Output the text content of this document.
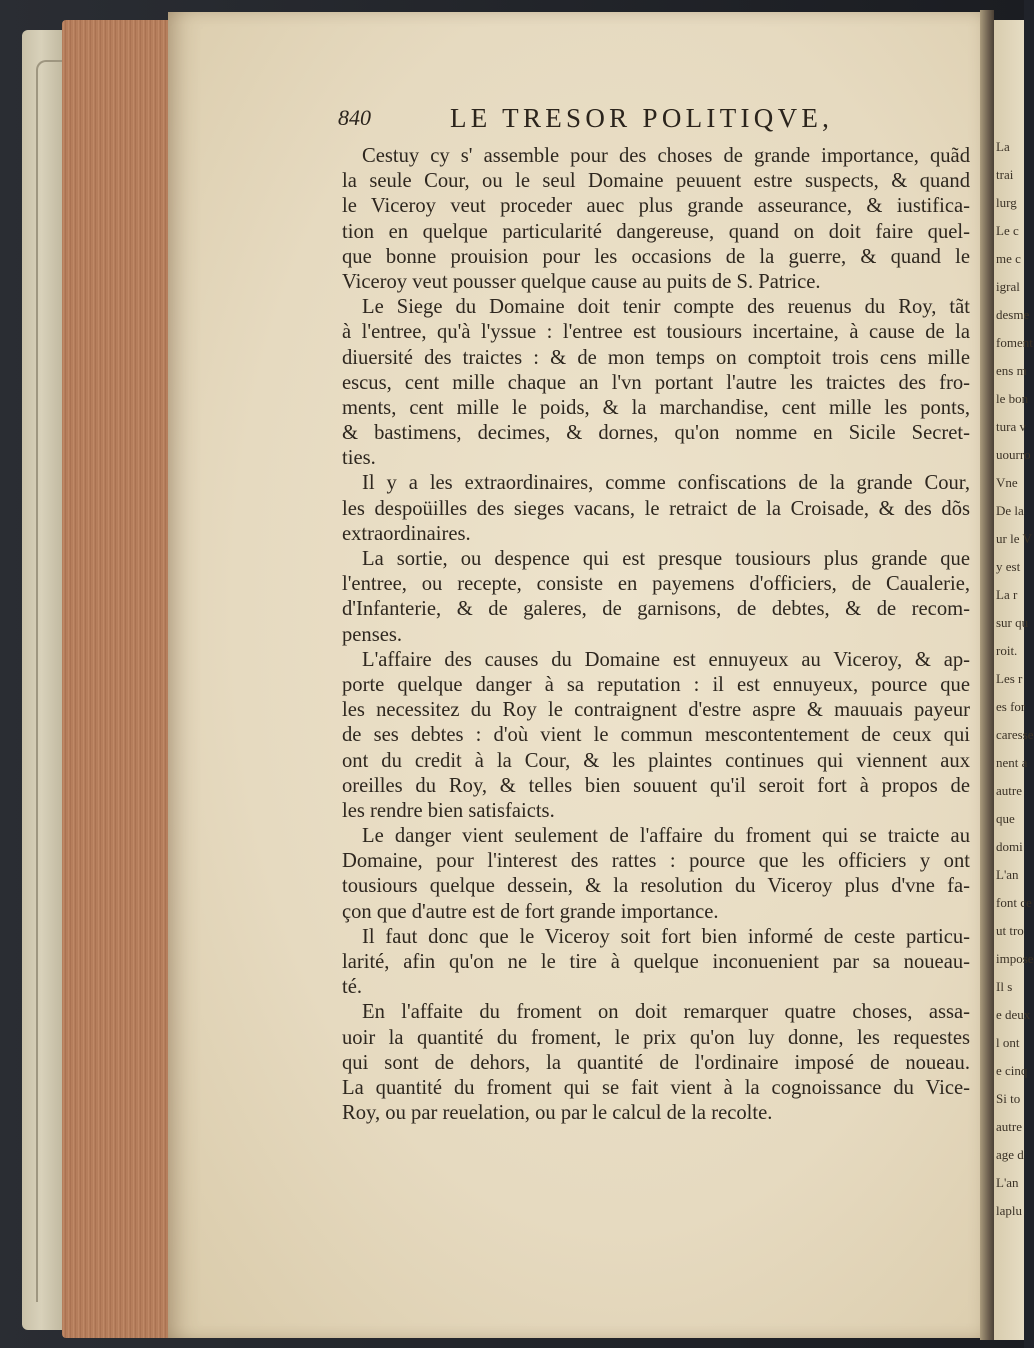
840	LE TRESOR POLITIQVE,
Cestuy cy s' assemble pour des choses de grande importance, quãd
la seule Cour, ou le seul Domaine peuuent estre suspects, & quand
le Viceroy veut proceder auec plus grande asseurance, & iustifica-
tion en quelque particularité dangereuse, quand on doit faire quel-
que bonne prouision pour les occasions de la guerre, & quand le
Viceroy veut pousser quelque cause au puits de S. Patrice.
Le Siege du Domaine doit tenir compte des reuenus du Roy, tãt
à l'entree, qu'à l'yssue : l'entree est tousiours incertaine, à cause de la
diuersité des traictes : & de mon temps on comptoit trois cens mille
escus, cent mille chaque an l'vn portant l'autre les traictes des fro-
ments, cent mille le poids, & la marchandise, cent mille les ponts,
& bastimens, decimes, & dornes, qu'on nomme en Sicile Secret-
ties.
Il y a les extraordinaires, comme confiscations de la grande Cour,
les despoüilles des sieges vacans, le retraict de la Croisade, & des dõs
extraordinaires.
La sortie, ou despence qui est presque tousiours plus grande que
l'entree, ou recepte, consiste en payemens d'officiers, de Caualerie,
d'Infanterie, & de galeres, de garnisons, de debtes, & de recom-
penses.
L'affaire des causes du Domaine est ennuyeux au Viceroy, & ap-
porte quelque danger à sa reputation : il est ennuyeux, pource que
les necessitez du Roy le contraignent d'estre aspre & mauuais payeur
de ses debtes : d'où vient le commun mescontentement de ceux qui
ont du credit à la Cour, & les plaintes continues qui viennent aux
oreilles du Roy, & telles bien souuent qu'il seroit fort à propos de
les rendre bien satisfaicts.
Le danger vient seulement de l'affaire du froment qui se traicte au
Domaine, pour l'interest des rattes : pource que les officiers y ont
tousiours quelque dessein, & la resolution du Viceroy plus d'vne fa-
çon que d'autre est de fort grande importance.
Il faut donc que le Viceroy soit fort bien informé de ceste particu-
larité, afin qu'on ne le tire à quelque inconuenient par sa noueau-
té.
En l'affaite du froment on doit remarquer quatre choses, assa-
uoir la quantité du froment, le prix qu'on luy donne, les requestes
qui sont de dehors, la quantité de l'ordinaire imposé de noueau.
La quantité du froment qui se fait vient à la cognoissance du Vice-
Roy, ou par reuelation, ou par le calcul de la recolte.
La
trai
lurg
Le c
me c
igral
desme
foment
ens m
le bon
tura v
uourro
Vne
De la
ur le V
y est
La r
sur qu
roit.
Les r
es for
caresse
nent a
autre
que
domi
L'an
font ce
ut tro
impose
Il s
e deux
l ont
e cinq
Si to
autre
age d
L'an
laplu
